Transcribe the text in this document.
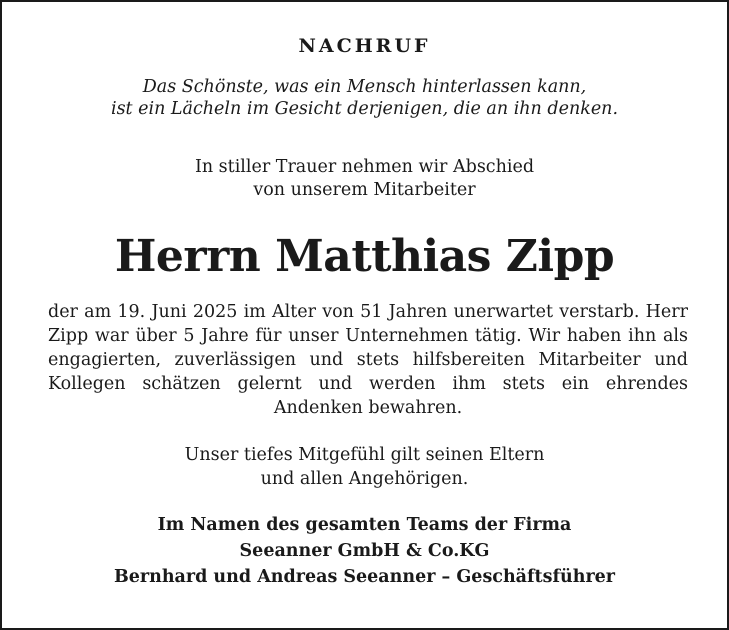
NACHRUF
Das Schönste, was ein Mensch hinterlassen kann,
ist ein Lächeln im Gesicht derjenigen, die an ihn denken.
In stiller Trauer nehmen wir Abschied
von unserem Mitarbeiter
Herrn Matthias Zipp
der am 19. Juni 2025 im Alter von 51 Jahren unerwartet verstarb. Herr Zipp war über 5 Jahre für unser Unternehmen tätig. Wir haben ihn als engagierten, zuverlässigen und stets hilfsbereiten Mitarbeiter und Kollegen schätzen gelernt und werden ihm stets ein ehrendes Andenken bewahren.
Unser tiefes Mitgefühl gilt seinen Eltern
und allen Angehörigen.
Im Namen des gesamten Teams der Firma
Seeanner GmbH & Co.KG
Bernhard und Andreas Seeanner – Geschäftsführer
